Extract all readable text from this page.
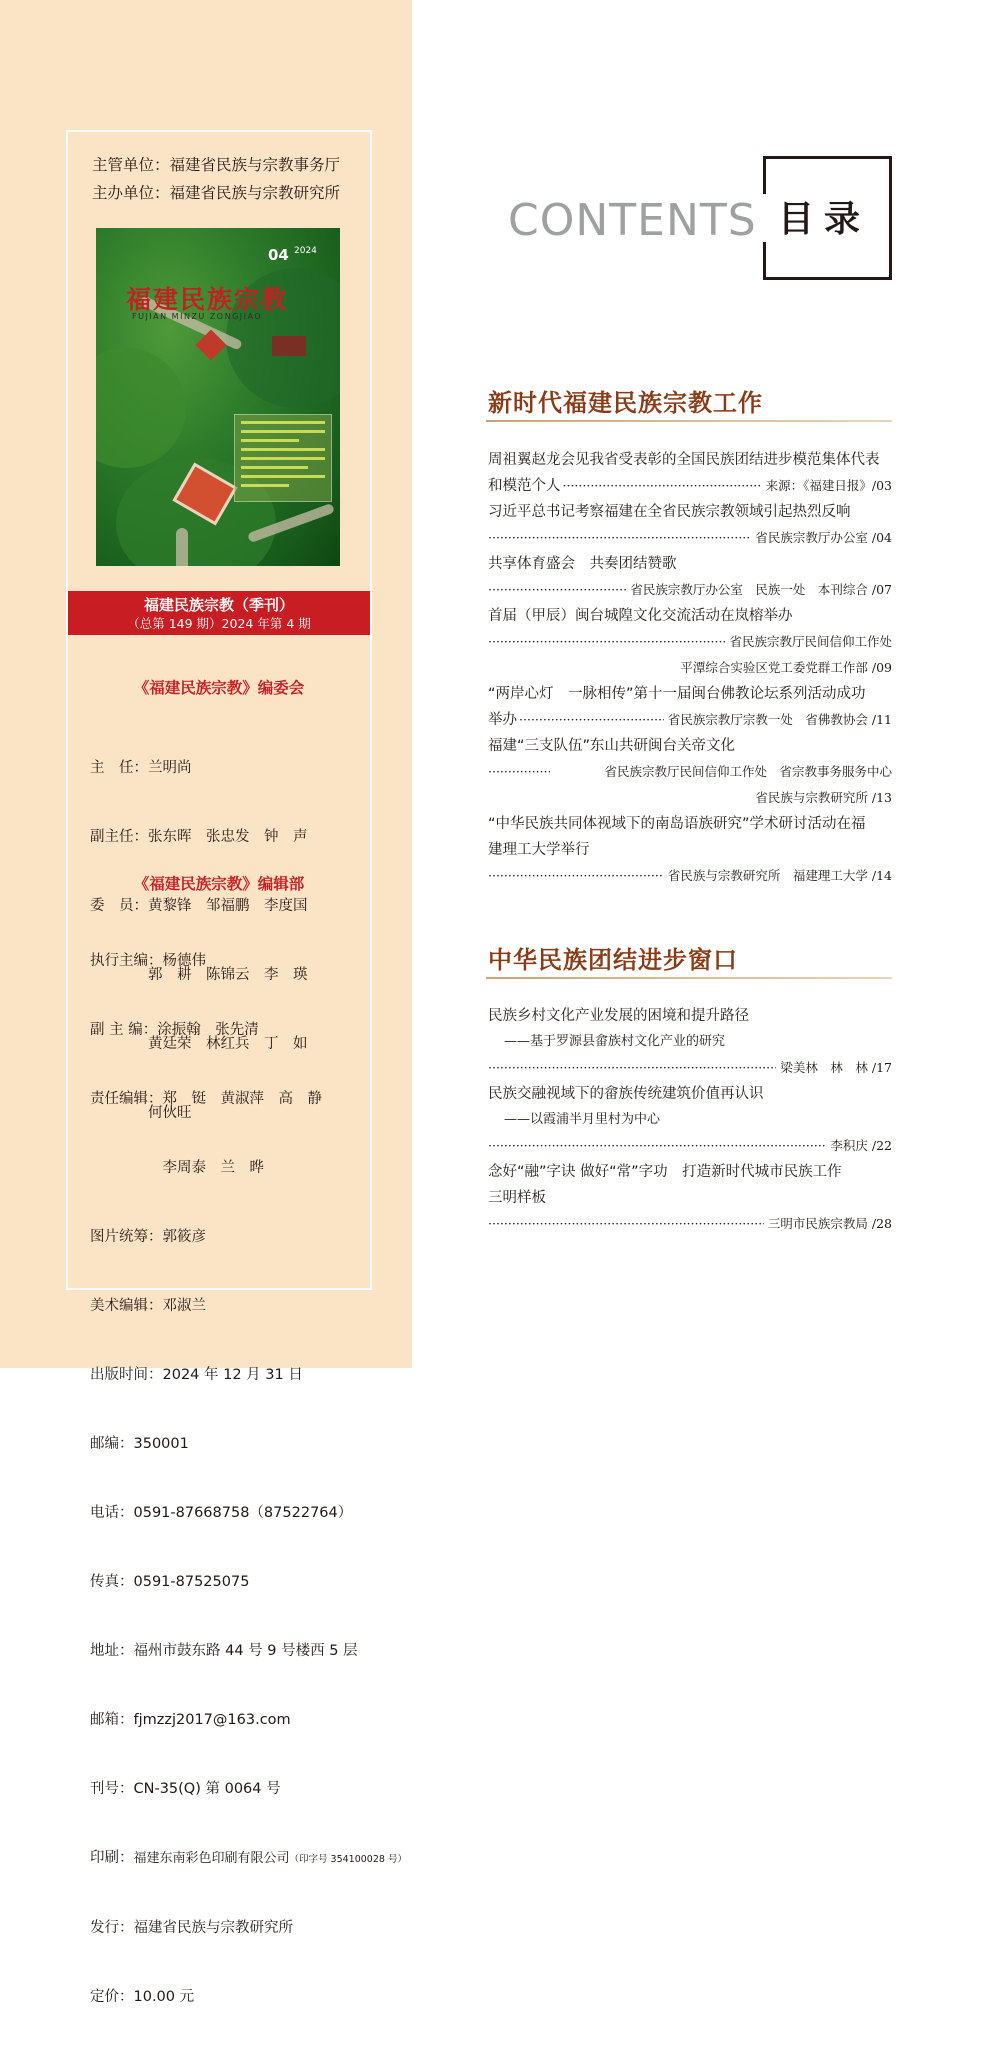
主管单位：福建省民族与宗教事务厅
主办单位：福建省民族与宗教研究所
04 2024
福建民族宗教
FUJIAN MINZU ZONGJIAO
福建民族宗教（季刊）
（总第 149 期）2024 年第 4 期
《福建民族宗教》编委会

主　任：兰明尚

副主任：张东晖　张忠发　钟　声

委　员：黄黎锋　邹福鹏　李度国

　　　　郭　耕　陈锦云　李　瑛

　　　　黄廷荣　林红兵　丁　如

　　　　何伙旺

《福建民族宗教》编辑部

执行主编：杨德伟

副 主 编：涂振翰　张先清

责任编辑：郑　铤　黄淑萍　高　静

　　　　　李周泰　兰　晔

图片统筹：郭筱彦

美术编辑：邓淑兰

出版时间：2024 年 12 月 31 日

邮编：350001

电话：0591-87668758（87522764）

传真：0591-87525075

地址：福州市鼓东路 44 号 9 号楼西 5 层

邮箱：fjmzzj2017@163.com

刊号：CN-35(Q) 第 0064 号

印刷：福建东南彩色印刷有限公司（印字号 354100028 号）

发行：福建省民族与宗教研究所

定价：10.00 元

CONTENTS 目录
新时代福建民族宗教工作
周祖翼赵龙会见我省受表彰的全国民族团结进步模范集体代表
和模范个人 ·····	来源：《福建日报》/03
习近平总书记考察福建在全省民族宗教领域引起热烈反响
·····
省民族宗教厅办公室 /04
共享体育盛会　共奏团结赞歌
·····
省民族宗教厅办公室　民族一处　本刊综合 /07
首届（甲辰）闽台城隍文化交流活动在岚榕举办
·····
省民族宗教厅民间信仰工作处
平潭综合实验区党工委党群工作部 /09
“两岸心灯　一脉相传”第十一届闽台佛教论坛系列活动成功
举办 ·····	省民族宗教厅宗教一处　省佛教协会 /11
福建“三支队伍”东山共研闽台关帝文化
·····
省民族宗教厅民间信仰工作处　省宗教事务服务中心
省民族与宗教研究所 /13
“中华民族共同体视域下的南岛语族研究”学术研讨活动在福
建理工大学举行
·····
省民族与宗教研究所　福建理工大学 /14
中华民族团结进步窗口
民族乡村文化产业发展的困境和提升路径
——基于罗源县畲族村文化产业的研究
·····
梁美林　林　林 /17
民族交融视域下的畲族传统建筑价值再认识
——以霞浦半月里村为中心
·····
李积庆 /22
念好“融”字诀 做好“常”字功　打造新时代城市民族工作
三明样板
·····
三明市民族宗教局 /28
